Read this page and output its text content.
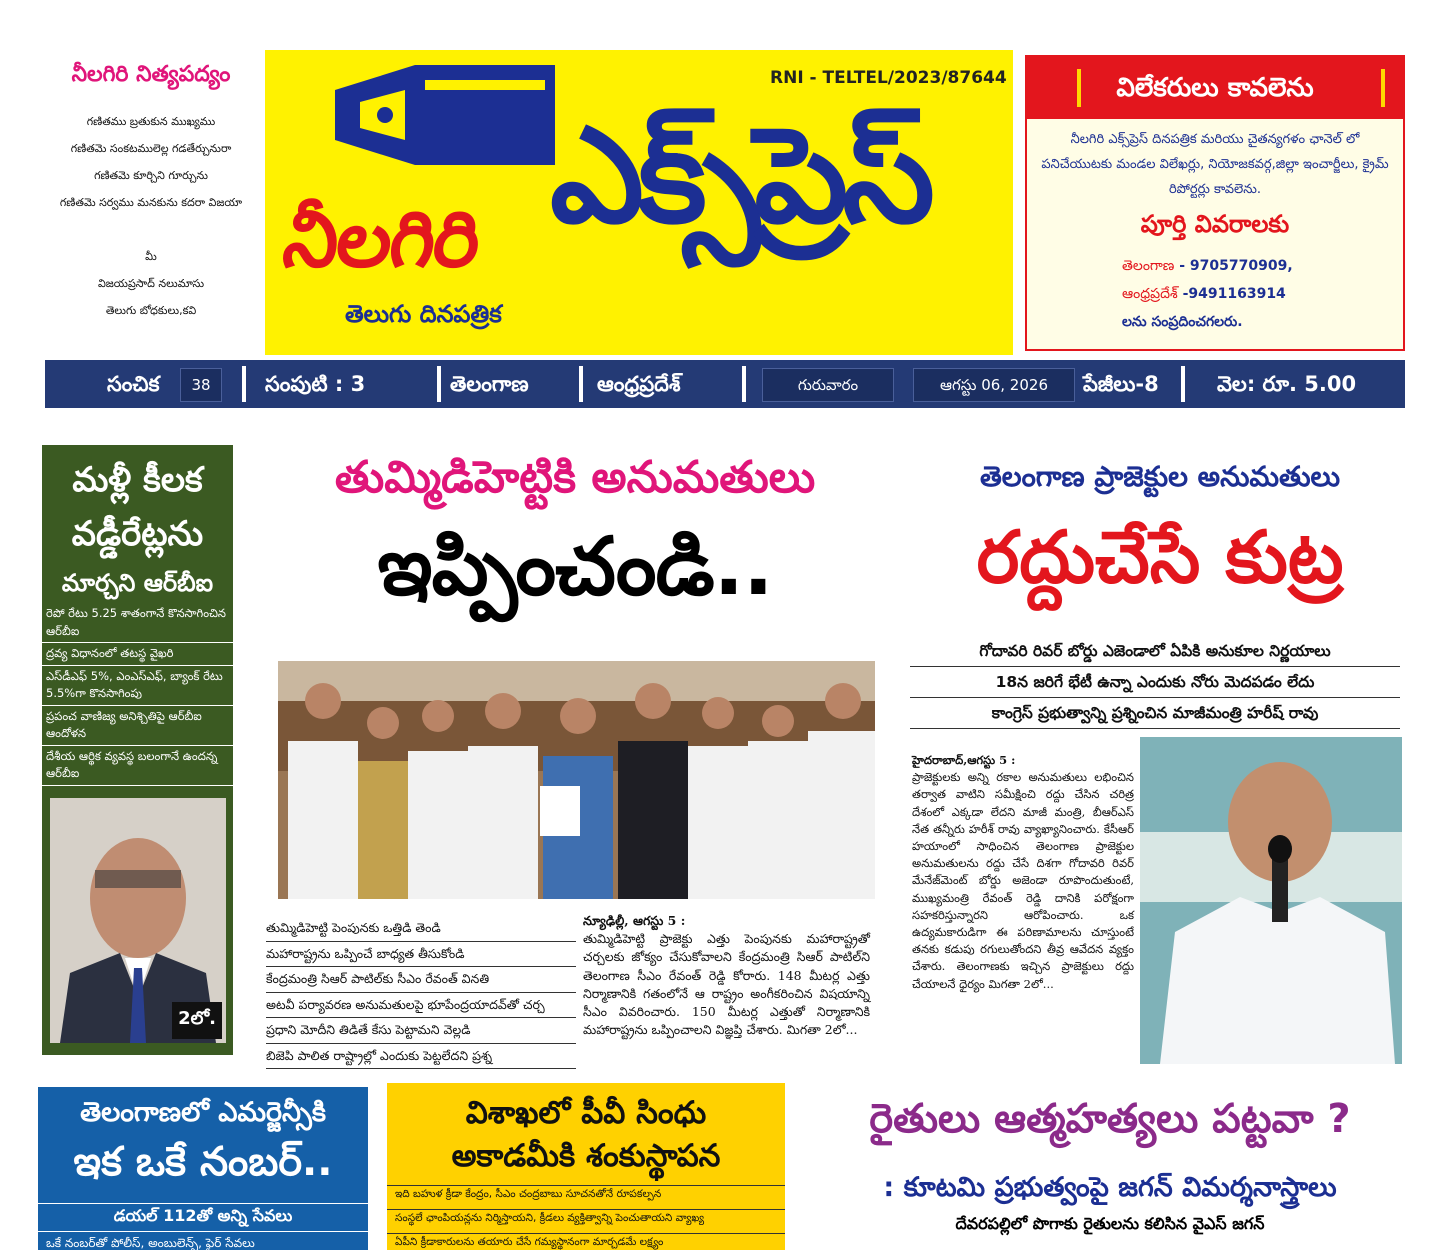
నీలగిరి నిత్యపద్యం
గణితము బ్రతుకున ముఖ్యము
గణితమె సంకటములెల్ల గడతేర్చునురా
గణితమె కూర్చిని గూర్చును
గణితమె సర్వము మనకును కదరా విజయా

మీ
విజయప్రసాద్ నలుమాసు
తెలుగు బోధకులు,కవి
RNI - TELTEL/2023/87644
నీలగిరి ఎక్స్‌ప్రెస్
తెలుగు దినపత్రిక
విలేకరులు కావలెను
నీలగిరి ఎక్స్‌ప్రెస్ దినపత్రిక మరియు చైతన్యగళం ఛానెల్ లో పనిచేయుటకు మండల విలేఖర్లు, నియోజకవర్గ,జిల్లా ఇంచార్జీలు, క్రైమ్ రిపోర్టర్లు కావలెను.
పూర్తి వివరాలకు
తెలంగాణ - 9705770909,
ఆంధ్రప్రదేశ్ -9491163914
లను సంప్రదించగలరు.
సంచిక	38	సంపుటి : 3	తెలంగాణ	ఆంధ్రప్రదేశ్	గురువారం	ఆగస్టు 06, 2026	పేజీలు-8	వెల: రూ. 5.00
మళ్లీ కీలక వడ్డీరేట్లను
మార్చని ఆర్‌బీఐ
రెపో రేటు 5.25 శాతంగానే కొనసాగించిన ఆర్‌బీఐ
ద్రవ్య విధానంలో తటస్థ వైఖరి
ఎస్‌డీఎఫ్ 5%, ఎంఎస్ఎఫ్, బ్యాంక్ రేటు 5.5%గా కొనసాగింపు
ప్రపంచ వాణిజ్య అనిశ్చితిపై ఆర్‌బీఐ ఆందోళన
దేశీయ ఆర్థిక వ్యవస్థ బలంగానే ఉందన్న ఆర్‌బీఐ
2లో.
తుమ్మిడిహెట్టికి అనుమతులు
ఇప్పించండి..
తుమ్మిడిహెట్టి పెంపునకు ఒత్తిడి తెండి
మహారాష్ట్రను ఒప్పించే బాధ్యత తీసుకోండి
కేంద్రమంత్రి సిఆర్ పాటిల్‌కు సీఎం రేవంత్ వినతి
అటవీ పర్యావరణ అనుమతులపై భూపేంద్రయాదవ్‌తో చర్చ
ప్రధాని మోదీని తిడితే కేసు పెట్టామని వెల్లడి
బిజెపి పాలిత రాష్ట్రాల్లో ఎందుకు పెట్టలేదని ప్రశ్న
న్యూఢిల్లీ, ఆగస్టు 5 :
తుమ్మిడిహెట్టి ప్రాజెక్టు ఎత్తు పెంపునకు మహారాష్ట్రతో చర్చలకు జోక్యం చేసుకోవాలని కేంద్రమంత్రి సిఆర్ పాటిల్‌ని తెలంగాణ సీఎం రేవంత్ రెడ్డి కోరారు. 148 మీటర్ల ఎత్తు నిర్మాణానికి గతంలోనే ఆ రాష్ట్రం అంగీకరించిన విషయాన్ని సీఎం వివరించారు. 150 మీటర్ల ఎత్తుతో నిర్మాణానికి మహారాష్ట్రను ఒప్పించాలని విజ్ఞప్తి చేశారు. మిగతా 2లో...
తెలంగాణ ప్రాజెక్టుల అనుమతులు
రద్దుచేసే కుట్ర
గోదావరి రివర్ బోర్డు ఎజెండాలో ఏపికి అనుకూల నిర్ణయాలు
18న జరిగే భేటీ ఉన్నా ఎందుకు నోరు మెదపడం లేదు
కాంగ్రెస్ ప్రభుత్వాన్ని ప్రశ్నించిన మాజీమంత్రి హరీష్ రావు
హైదరాబాద్,ఆగస్టు 5 :
ప్రాజెక్టులకు అన్ని రకాల అనుమతులు లభించిన తర్వాత వాటిని సమీక్షించి రద్దు చేసిన చరిత్ర దేశంలో ఎక్కడా లేదని మాజీ మంత్రి, బీఆర్ఎస్ నేత తన్నీరు హరీశ్ రావు వ్యాఖ్యానించారు. కేసీఆర్ హయాంలో సాధించిన తెలంగాణ ప్రాజెక్టుల అనుమతులను రద్దు చేసే దిశగా గోదావరి రివర్ మేనేజ్‌మెంట్ బోర్డు అజెండా రూపొందుతుంటే, ముఖ్యమంత్రి రేవంత్ రెడ్డి దానికి పరోక్షంగా సహకరిస్తున్నారని ఆరోపించారు. ఒక ఉద్యమకారుడిగా ఈ పరిణామాలను చూస్తుంటే తనకు కడుపు రగులుతోందని తీవ్ర ఆవేదన వ్యక్తం చేశారు. తెలంగాణకు ఇచ్చిన ప్రాజెక్టులు రద్దు చేయాలనే ధైర్యం మిగతా 2లో...
తెలంగాణలో ఎమర్జెన్సీకి
ఇక ఒకే నంబర్..
డయల్ 112తో అన్ని సేవలు
ఒకే నంబర్‌తో పోలీస్, అంబులెన్స్, ఫైర్ సేవలు
విశాఖలో పీవీ సింధు
అకాడమీకి శంకుస్థాపన
ఇది బహుళ క్రీడా కేంద్రం, సీఎం చంద్రబాబు సూచనతోనే రూపకల్పన
సంస్థలే ఛాంపియన్లను నిర్మిస్తాయని, క్రీడలు వ్యక్తిత్వాన్ని పెంచుతాయని వ్యాఖ్య
ఏపీని క్రీడాకారులను తయారు చేసే గమ్యస్థానంగా మార్చడమే లక్ష్యం
రైతులు ఆత్మహత్యలు పట్టవా ?
: కూటమి ప్రభుత్వంపై జగన్ విమర్శనాస్త్రాలు
దేవరపల్లిలో పొగాకు రైతులను కలిసిన వైఎస్ జగన్
